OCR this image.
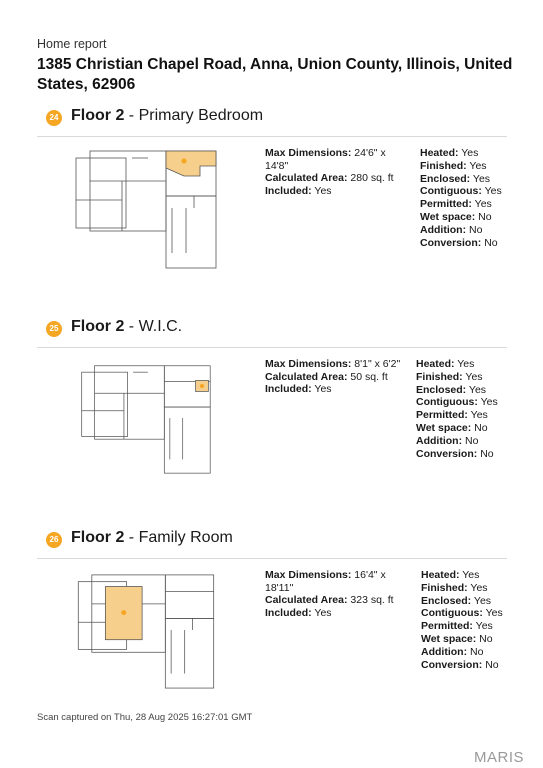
Home report
1385 Christian Chapel Road, Anna, Union County, Illinois, United States, 62906
24 Floor 2 - Primary Bedroom
Max Dimensions: 24'6" x 14'8"
Calculated Area: 280 sq. ft
Included: Yes
Heated: Yes
Finished: Yes
Enclosed: Yes
Contiguous: Yes
Permitted: Yes
Wet space: No
Addition: No
Conversion: No
25 Floor 2 - W.I.C.
Max Dimensions: 8'1" x 6'2"
Calculated Area: 50 sq. ft
Included: Yes
Heated: Yes
Finished: Yes
Enclosed: Yes
Contiguous: Yes
Permitted: Yes
Wet space: No
Addition: No
Conversion: No
26 Floor 2 - Family Room
Max Dimensions: 16'4" x 18'11"
Calculated Area: 323 sq. ft
Included: Yes
Heated: Yes
Finished: Yes
Enclosed: Yes
Contiguous: Yes
Permitted: Yes
Wet space: No
Addition: No
Conversion: No
Scan captured on Thu, 28 Aug 2025 16:27:01 GMT
MARIS
